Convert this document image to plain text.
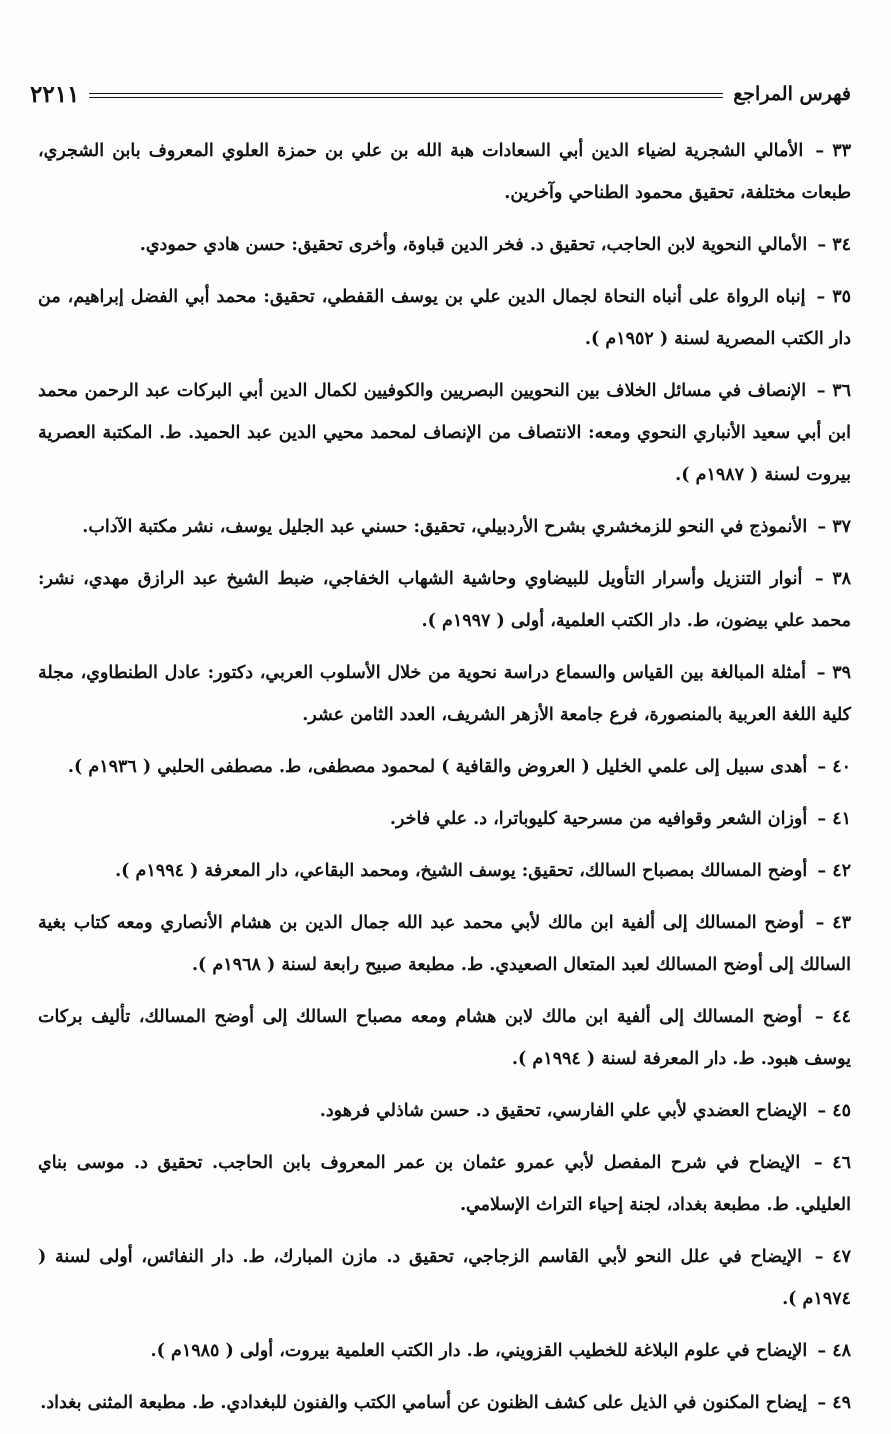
فهرس المراجع
٢٢١١

٣٣ – الأمالي الشجرية لضياء الدين أبي السعادات هبة الله بن علي بن حمزة العلوي المعروف بابن الشجري، طبعات مختلفة، تحقيق محمود الطناحي وآخرين.

٣٤ – الأمالي النحوية لابن الحاجب، تحقيق د. فخر الدين قباوة، وأخرى تحقيق: حسن هادي حمودي.

٣٥ – إنباه الرواة على أنباه النحاة لجمال الدين علي بن يوسف القفطي، تحقيق: محمد أبي الفضل إبراهيم، من دار الكتب المصرية لسنة ( ١٩٥٢م ).

٣٦ – الإنصاف في مسائل الخلاف بين النحويين البصريين والكوفيين لكمال الدين أبي البركات عبد الرحمن محمد ابن أبي سعيد الأنباري النحوي ومعه: الانتصاف من الإنصاف لمحمد محيي الدين عبد الحميد. ط. المكتبة العصرية بيروت لسنة ( ١٩٨٧م ).

٣٧ – الأنموذج في النحو للزمخشري بشرح الأردبيلي، تحقيق: حسني عبد الجليل يوسف، نشر مكتبة الآداب.

٣٨ – أنوار التنزيل وأسرار التأويل للبيضاوي وحاشية الشهاب الخفاجي، ضبط الشيخ عبد الرازق مهدي، نشر: محمد علي بيضون، ط. دار الكتب العلمية، أولى ( ١٩٩٧م ).

٣٩ – أمثلة المبالغة بين القياس والسماع دراسة نحوية من خلال الأسلوب العربي، دكتور: عادل الطنطاوي، مجلة كلية اللغة العربية بالمنصورة، فرع جامعة الأزهر الشريف، العدد الثامن عشر.

٤٠ – أهدى سبيل إلى علمي الخليل ( العروض والقافية ) لمحمود مصطفى، ط. مصطفى الحلبي ( ١٩٣٦م ).

٤١ – أوزان الشعر وقوافيه من مسرحية كليوباترا، د. علي فاخر.

٤٢ – أوضح المسالك بمصباح السالك، تحقيق: يوسف الشيخ، ومحمد البقاعي، دار المعرفة ( ١٩٩٤م ).

٤٣ – أوضح المسالك إلى ألفية ابن مالك لأبي محمد عبد الله جمال الدين بن هشام الأنصاري ومعه كتاب بغية السالك إلى أوضح المسالك لعبد المتعال الصعيدي. ط. مطبعة صبيح رابعة لسنة ( ١٩٦٨م ).

٤٤ – أوضح المسالك إلى ألفية ابن مالك لابن هشام ومعه مصباح السالك إلى أوضح المسالك، تأليف بركات يوسف هبود. ط. دار المعرفة لسنة ( ١٩٩٤م ).

٤٥ – الإيضاح العضدي لأبي علي الفارسي، تحقيق د. حسن شاذلي فرهود.

٤٦ – الإيضاح في شرح المفصل لأبي عمرو عثمان بن عمر المعروف بابن الحاجب. تحقيق د. موسى بناي العليلي. ط. مطبعة بغداد، لجنة إحياء التراث الإسلامي.

٤٧ – الإيضاح في علل النحو لأبي القاسم الزجاجي، تحقيق د. مازن المبارك، ط. دار النفائس، أولى لسنة ( ١٩٧٤م ).

٤٨ – الإيضاح في علوم البلاغة للخطيب القزويني، ط. دار الكتب العلمية بيروت، أولى ( ١٩٨٥م ).

٤٩ – إيضاح المكنون في الذيل على كشف الظنون عن أسامي الكتب والفنون للبغدادي. ط. مطبعة المثنى بغداد.
